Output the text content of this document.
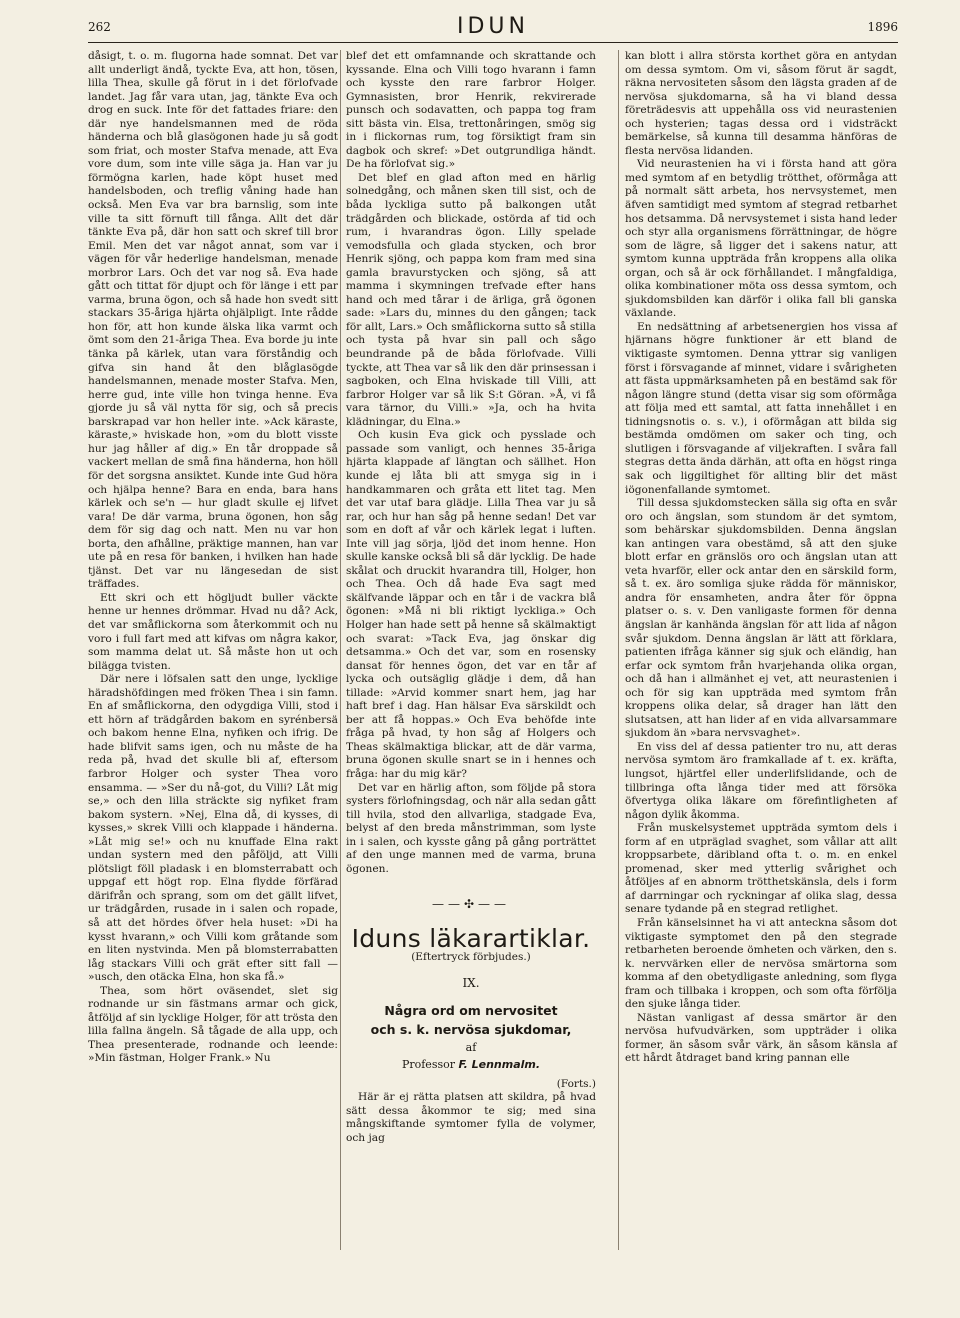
262	IDUN	1896

dåsigt, t. o. m. flugorna hade somnat. Det var allt underligt ändå, tyckte Eva, att hon, tösen, lilla Thea, skulle gå förut in i det förlofvade landet. Jag får vara utan, jag, tänkte Eva och drog en suck. Inte för det fattades friare: den där nye handelsmannen med de röda händerna och blå glasögonen hade ju så godt som friat, och moster Stafva menade, att Eva vore dum, som inte ville säga ja. Han var ju förmögna karlen, hade köpt huset med handelsboden, och treflig våning hade han också. Men Eva var bra barnslig, som inte ville ta sitt förnuft till fånga. Allt det där tänkte Eva på, där hon satt och skref till bror Emil. Men det var något annat, som var i vägen för vår hederlige handelsman, menade morbror Lars. Och det var nog så. Eva hade gått och tittat för djupt och för länge i ett par varma, bruna ögon, och så hade hon svedt sitt stackars 35-åriga hjärta ohjälpligt. Inte rådde hon för, att hon kunde älska lika varmt och ömt som den 21-åriga Thea. Eva borde ju inte tänka på kärlek, utan vara förståndig och gifva sin hand åt den blåglasögde handelsmannen, menade moster Stafva. Men, herre gud, inte ville hon tvinga henne. Eva gjorde ju så väl nytta för sig, och så precis barskrapad var hon heller inte. »Ack käraste, käraste,» hviskade hon, »om du blott visste hur jag håller af dig.» En tår droppade så vackert mellan de små fina händerna, hon höll för det sorgsna ansiktet. Kunde inte Gud höra och hjälpa henne? Bara en enda, bara hans kärlek och se'n — hur gladt skulle ej lifvet vara! De där varma, bruna ögonen, hon såg dem för sig dag och natt. Men nu var hon borta, den afhållne, präktige mannen, han var ute på en resa för banken, i hvilken han hade tjänst. Det var nu längesedan de sist träffades.

Ett skri och ett högljudt buller väckte henne ur hennes drömmar. Hvad nu då? Ack, det var småflickorna som återkommit och nu voro i full fart med att kifvas om några kakor, som mamma delat ut. Så måste hon ut och bilägga tvisten.

Där nere i löfsalen satt den unge, lycklige häradshöfdingen med fröken Thea i sin famn. En af småflickorna, den odygdiga Villi, stod i ett hörn af trädgården bakom en syrénbersä och bakom henne Elna, nyfiken och ifrig. De hade blifvit sams igen, och nu måste de ha reda på, hvad det skulle bli af, eftersom farbror Holger och syster Thea voro ensamma. — »Ser du nå-got, du Villi? Låt mig se,» och den lilla sträckte sig nyfiket fram bakom systern. »Nej, Elna då, di kysses, di kysses,» skrek Villi och klappade i händerna. »Låt mig se!» och nu knuffade Elna rakt undan systern med den påföljd, att Villi plötsligt föll pladask i en blomsterrabatt och uppgaf ett högt rop. Elna flydde förfärad därifrån och sprang, som om det gällt lifvet, ur trädgården, rusade in i salen och ropade, så att det hördes öfver hela huset: »Di ha kysst hvarann,» och Villi kom gråtande som en liten nystvinda. Men på blomsterrabatten låg stackars Villi och grät efter sitt fall — »usch, den otäcka Elna, hon ska få.»

Thea, som hört oväsendet, slet sig rodnande ur sin fästmans armar och gick, åtföljd af sin lycklige Holger, för att trösta den lilla fallna ängeln. Så tågade de alla upp, och Thea presenterade, rodnande och leende: »Min fästman, Holger Frank.» Nu

blef det ett omfamnande och skrattande och kyssande. Elna och Villi togo hvarann i famn och kysste den rare farbror Holger. Gymnasisten, bror Henrik, rekvirerade punsch och sodavatten, och pappa tog fram sitt bästa vin. Elsa, trettonåringen, smög sig in i flickornas rum, tog försiktigt fram sin dagbok och skref: »Det outgrundliga händt. De ha förlofvat sig.»

Det blef en glad afton med en härlig solnedgång, och månen sken till sist, och de båda lyckliga sutto på balkongen utåt trädgården och blickade, ostörda af tid och rum, i hvarandras ögon. Lilly spelade vemodsfulla och glada stycken, och bror Henrik sjöng, och pappa kom fram med sina gamla bravurstycken och sjöng, så att mamma i skymningen trefvade efter hans hand och med tårar i de ärliga, grå ögonen sade: »Lars du, minnes du den gången; tack för allt, Lars.» Och småflickorna sutto så stilla och tysta på hvar sin pall och sågo beundrande på de båda förlofvade. Villi tyckte, att Thea var så lik den där prinsessan i sagboken, och Elna hviskade till Villi, att farbror Holger var så lik S:t Göran. »Å, vi få vara tärnor, du Villi.» »Ja, och ha hvita klädningar, du Elna.»

Och kusin Eva gick och pysslade och passade som vanligt, och hennes 35-åriga hjärta klappade af längtan och sällhet. Hon kunde ej låta bli att smyga sig in i handkammaren och gråta ett litet tag. Men det var utaf bara glädje. Lilla Thea var ju så rar, och hur han såg på henne sedan! Det var som en doft af vår och kärlek legat i luften. Inte vill jag sörja, ljöd det inom henne. Hon skulle kanske också bli så där lycklig. De hade skålat och druckit hvarandra till, Holger, hon och Thea. Och då hade Eva sagt med skälfvande läppar och en tår i de vackra blå ögonen: »Må ni bli riktigt lyckliga.» Och Holger han hade sett på henne så skälmaktigt och svarat: »Tack Eva, jag önskar dig detsamma.» Och det var, som en rosensky dansat för hennes ögon, det var en tår af lycka och outsäglig glädje i dem, då han tillade: »Arvid kommer snart hem, jag har haft bref i dag. Han hälsar Eva särskildt och ber att få hoppas.» Och Eva behöfde inte fråga på hvad, ty hon såg af Holgers och Theas skälmaktiga blickar, att de där varma, bruna ögonen skulle snart se in i hennes och fråga: har du mig kär?

Det var en härlig afton, som följde på stora systers förlofningsdag, och när alla sedan gått till hvila, stod den allvarliga, stadgade Eva, belyst af den breda månstrimman, som lyste in i salen, och kysste gång på gång porträttet af den unge mannen med de varma, bruna ögonen.

——✣——
Iduns läkarartiklar.
(Eftertryck förbjudes.)
IX.
Några ord om nervositet
och s. k. nervösa sjukdomar,
af
Professor F. Lennmalm.
(Forts.)

Här är ej rätta platsen att skildra, på hvad sätt dessa åkommor te sig; med sina mångskiftande symtomer fylla de volymer, och jag

kan blott i allra största korthet göra en antydan om dessa symtom. Om vi, såsom förut är sagdt, räkna nervositeten såsom den lägsta graden af de nervösa sjukdomarna, så ha vi bland dessa företrädesvis att uppehålla oss vid neurastenien och hysterien; tagas dessa ord i vidsträckt bemärkelse, så kunna till desamma hänföras de flesta nervösa lidanden.

Vid neurastenien ha vi i första hand att göra med symtom af en betydlig trötthet, oförmåga att på normalt sätt arbeta, hos nervsystemet, men äfven samtidigt med symtom af stegrad retbarhet hos detsamma. Då nervsystemet i sista hand leder och styr alla organismens förrättningar, de högre som de lägre, så ligger det i sakens natur, att symtom kunna uppträda från kroppens alla olika organ, och så är ock förhållandet. I mångfaldiga, olika kombinationer möta oss dessa symtom, och sjukdomsbilden kan därför i olika fall bli ganska växlande.

En nedsättning af arbetsenergien hos vissa af hjärnans högre funktioner är ett bland de viktigaste symtomen. Denna yttrar sig vanligen först i försvagande af minnet, vidare i svårigheten att fästa uppmärksamheten på en bestämd sak för någon längre stund (detta visar sig som oförmåga att följa med ett samtal, att fatta innehållet i en tidningsnotis o. s. v.), i oförmågan att bilda sig bestämda omdömen om saker och ting, och slutligen i försvagande af viljekraften. I svåra fall stegras detta ända därhän, att ofta en högst ringa sak och liggiltighet för allting blir det mäst iögonenfallande symtomet.

Till dessa sjukdomstecken sälla sig ofta en svår oro och ängslan, som stundom är det symtom, som behärskar sjukdomsbilden. Denna ängslan kan antingen vara obestämd, så att den sjuke blott erfar en gränslös oro och ängslan utan att veta hvarför, eller ock antar den en särskild form, så t. ex. äro somliga sjuke rädda för människor, andra för ensamheten, andra åter för öppna platser o. s. v. Den vanligaste formen för denna ängslan är kanhända ängslan för att lida af någon svår sjukdom. Denna ängslan är lätt att förklara, patienten ifråga känner sig sjuk och eländig, han erfar ock symtom från hvarjehanda olika organ, och då han i allmänhet ej vet, att neurastenien i och för sig kan uppträda med symtom från kroppens olika delar, så drager han lätt den slutsatsen, att han lider af en vida allvarsammare sjukdom än »bara nervsvaghet».

En viss del af dessa patienter tro nu, att deras nervösa symtom äro framkallade af t. ex. kräfta, lungsot, hjärtfel eller underlifslidande, och de tillbringa ofta långa tider med att försöka öfvertyga olika läkare om förefintligheten af någon dylik åkomma.

Från muskelsystemet uppträda symtom dels i form af en utpräglad svaghet, som vållar att allt kroppsarbete, däribland ofta t. o. m. en enkel promenad, sker med ytterlig svårighet och åtföljes af en abnorm trötthetskänsla, dels i form af darrningar och ryckningar af olika slag, dessa senare tydande på en stegrad retlighet.

Från känselsinnet ha vi att anteckna såsom dot viktigaste symptomet den på den stegrade retbarheten beroende ömheten och värken, den s. k. nervvärken eller de nervösa smärtorna som komma af den obetydligaste anledning, som flyga fram och tillbaka i kroppen, och som ofta förföljа den sjuke långa tider.

Nästan vanligast af dessa smärtor är den nervösa hufvudvärken, som uppträder i olika former, än såsom svår värk, än såsom känsla af ett hårdt åtdraget band kring pannan elle
